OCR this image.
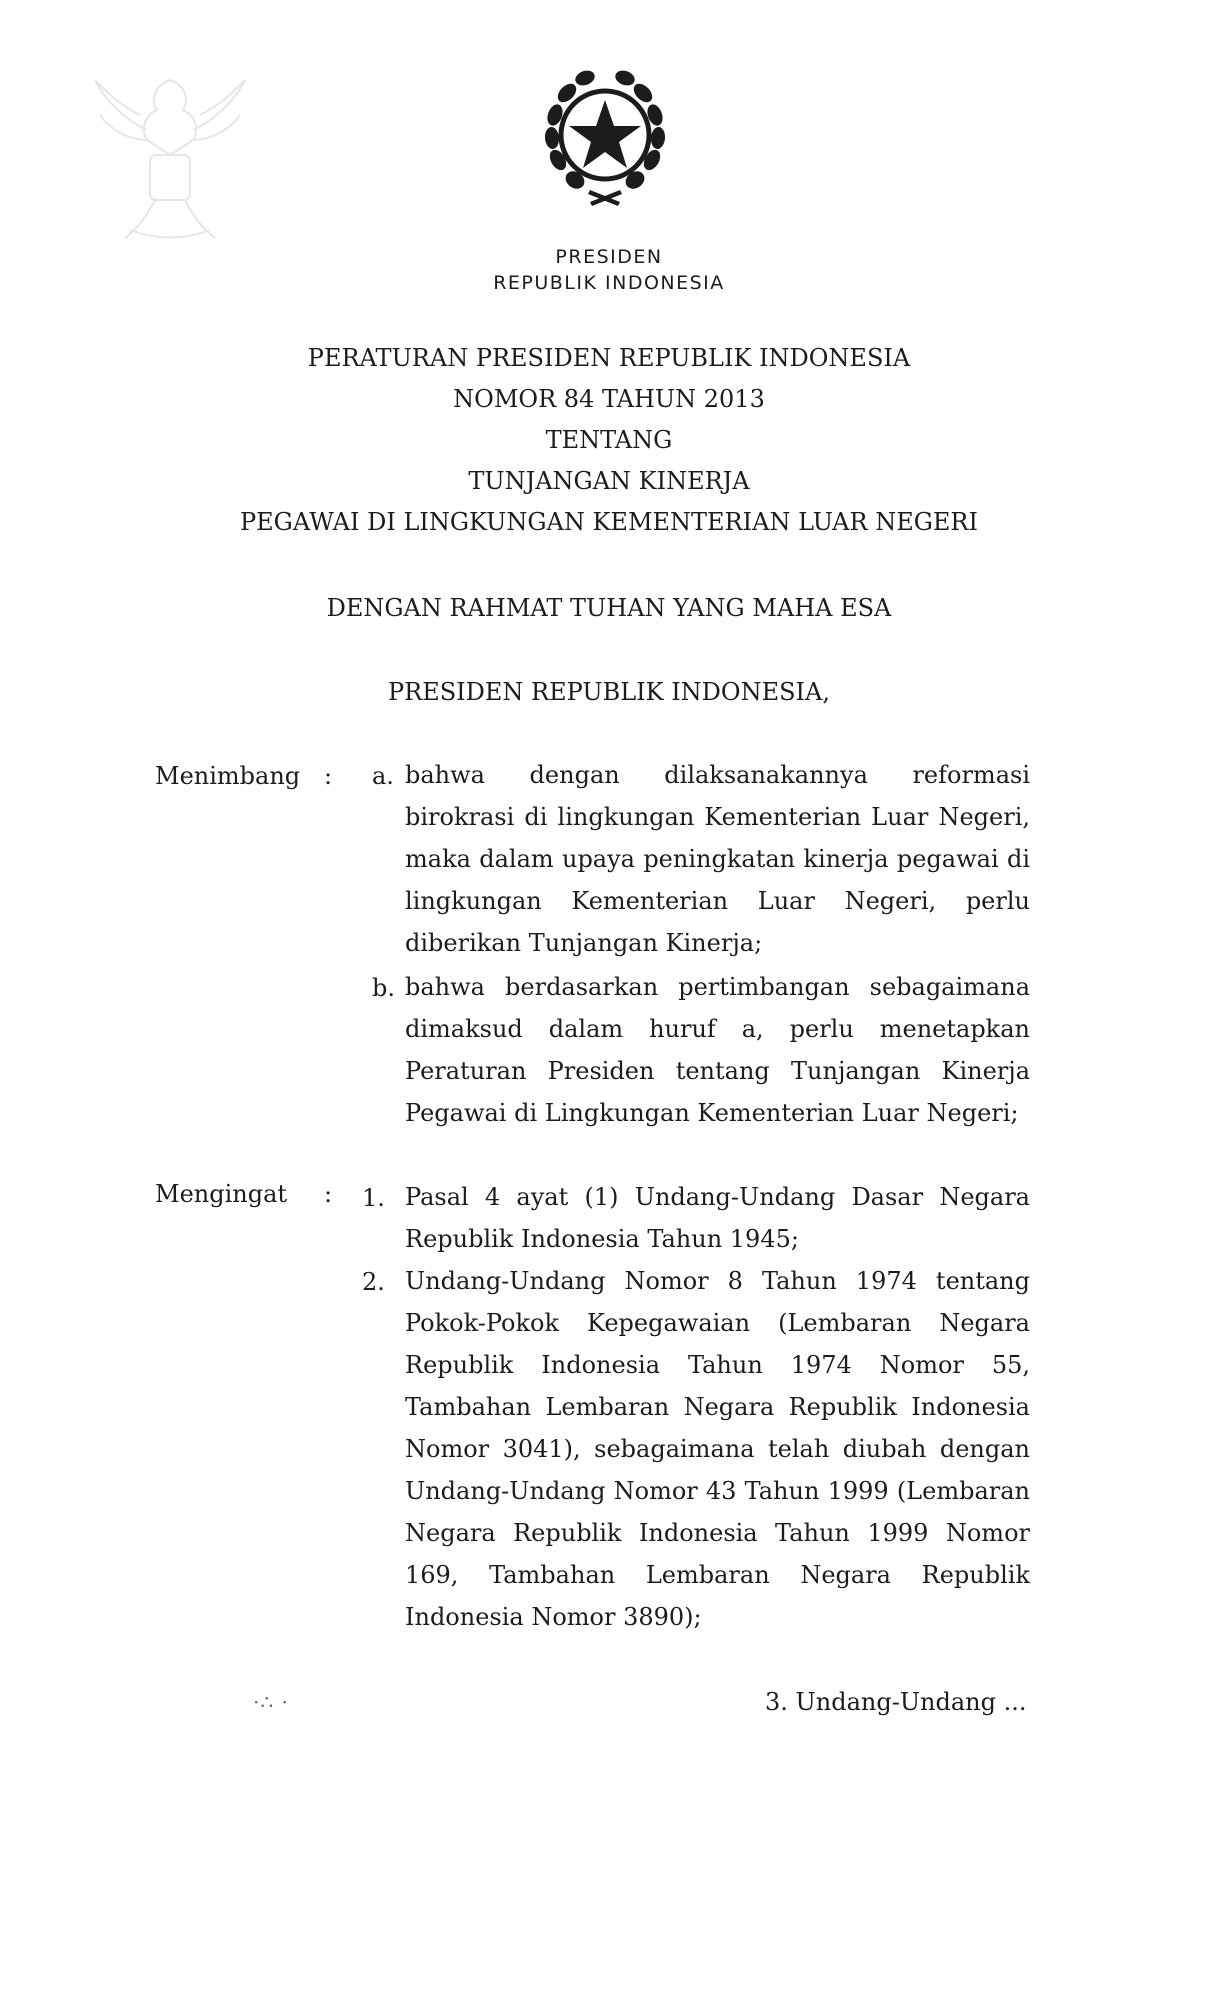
PRESIDEN
REPUBLIK INDONESIA
PERATURAN PRESIDEN REPUBLIK INDONESIA
NOMOR 84 TAHUN 2013
TENTANG
TUNJANGAN KINERJA
PEGAWAI DI LINGKUNGAN KEMENTERIAN LUAR NEGERI
DENGAN RAHMAT TUHAN YANG MAHA ESA
PRESIDEN REPUBLIK INDONESIA,
Menimbang : a. bahwa dengan dilaksanakannya reformasi birokrasi di lingkungan Kementerian Luar Negeri, maka dalam upaya peningkatan kinerja pegawai di lingkungan Kementerian Luar Negeri, perlu diberikan Tunjangan Kinerja;
b. bahwa berdasarkan pertimbangan sebagaimana dimaksud dalam huruf a, perlu menetapkan Peraturan Presiden tentang Tunjangan Kinerja Pegawai di Lingkungan Kementerian Luar Negeri;
Mengingat : 1. Pasal 4 ayat (1) Undang-Undang Dasar Negara Republik Indonesia Tahun 1945;
2. Undang-Undang Nomor 8 Tahun 1974 tentang Pokok-Pokok Kepegawaian (Lembaran Negara Republik Indonesia Tahun 1974 Nomor 55, Tambahan Lembaran Negara Republik Indonesia Nomor 3041), sebagaimana telah diubah dengan Undang-Undang Nomor 43 Tahun 1999 (Lembaran Negara Republik Indonesia Tahun 1999 Nomor 169, Tambahan Lembaran Negara Republik Indonesia Nomor 3890);
·∴ ·	3. Undang-Undang ...
